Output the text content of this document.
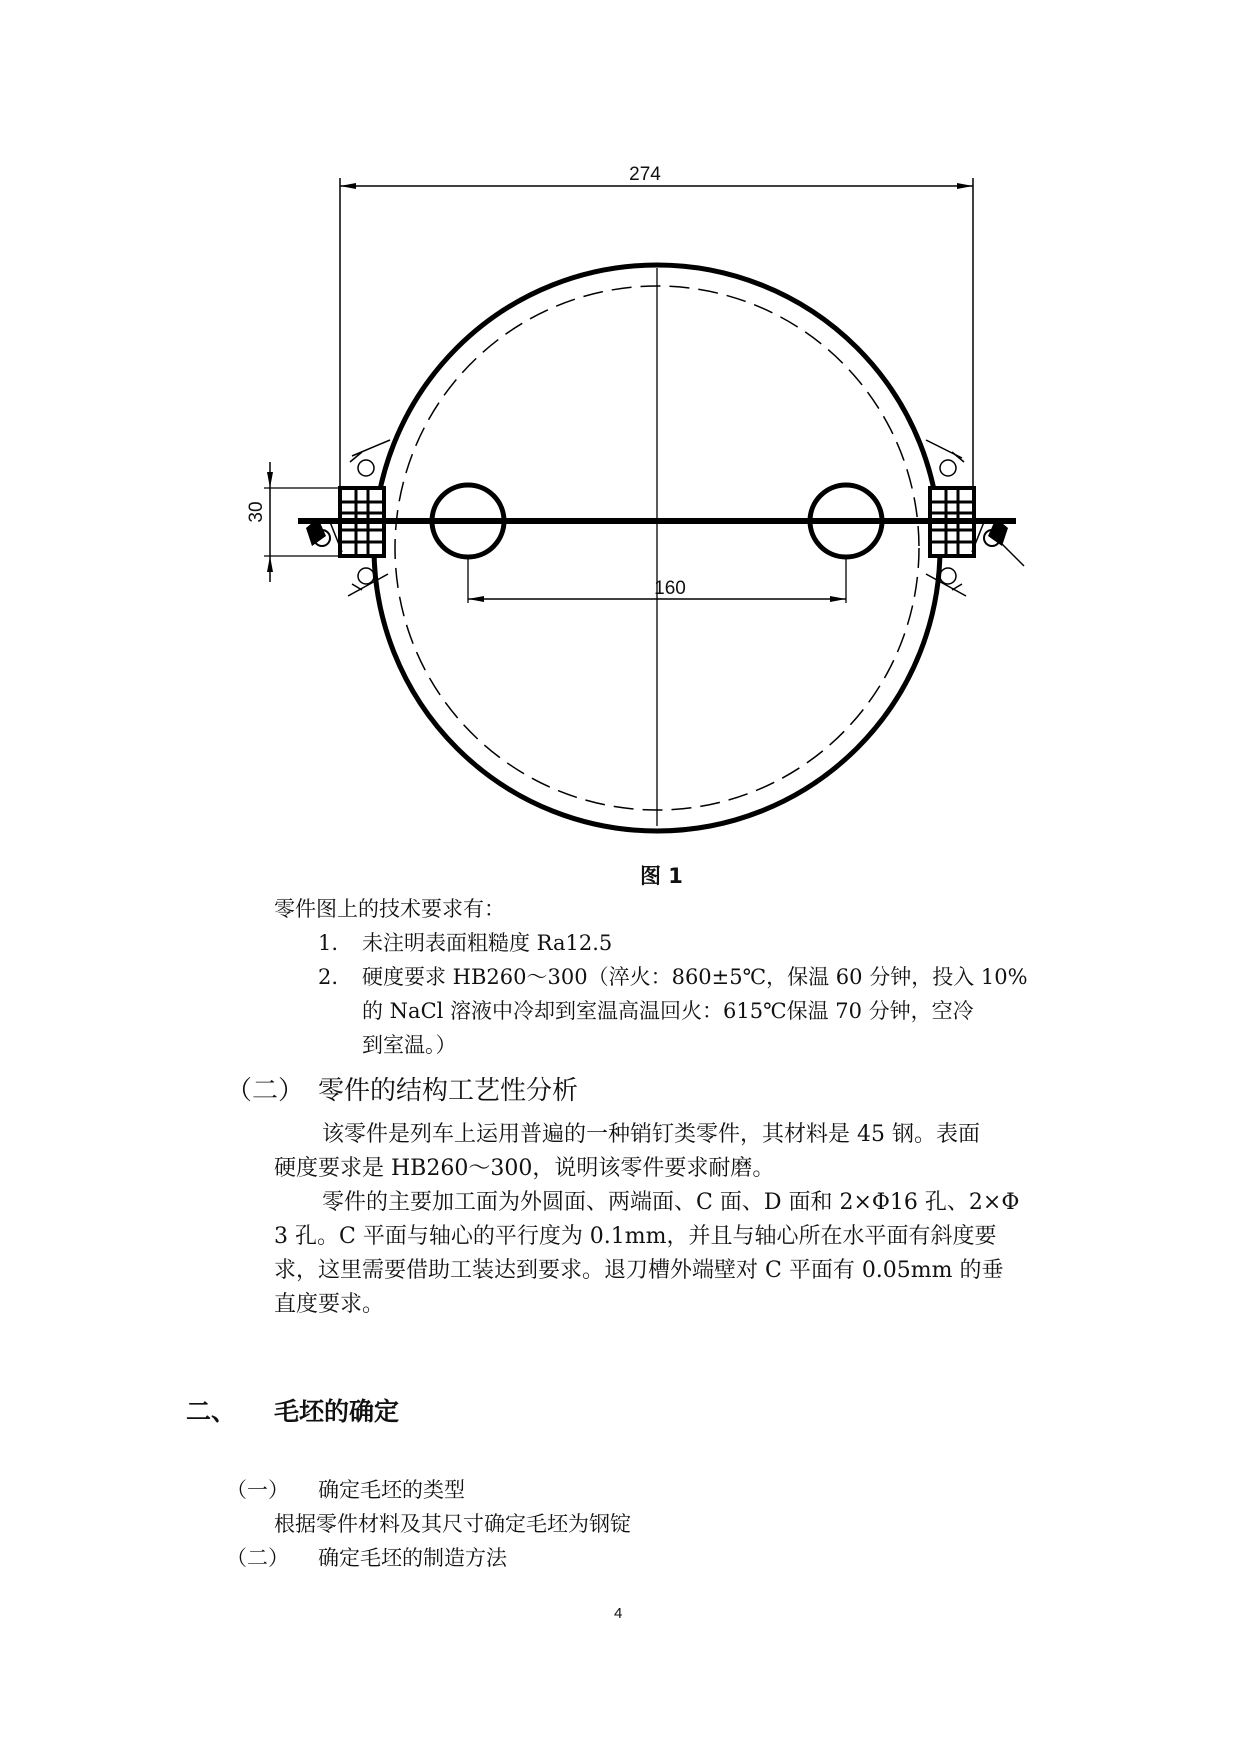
274
160
30
图 1
零件图上的技术要求有：
1. 未注明表面粗糙度 Ra12.5
2. 硬度要求 HB260～300（淬火：860±5℃，保温 60 分钟，投入 10%
的 NaCl 溶液中冷却到室温高温回火：615℃保温 70 分钟，空冷
到室温。）
（二） 零件的结构工艺性分析
该零件是列车上运用普遍的一种销钉类零件，其材料是 45 钢。表面
硬度要求是 HB260～300，说明该零件要求耐磨。
零件的主要加工面为外圆面、两端面、C 面、D 面和 2×Φ16 孔、2×Φ
3 孔。C 平面与轴心的平行度为 0.1mm，并且与轴心所在水平面有斜度要
求，这里需要借助工装达到要求。退刀槽外端壁对 C 平面有 0.05mm 的垂
直度要求。
二、 毛坯的确定
（一） 确定毛坯的类型
根据零件材料及其尺寸确定毛坯为钢锭
（二） 确定毛坯的制造方法
4
